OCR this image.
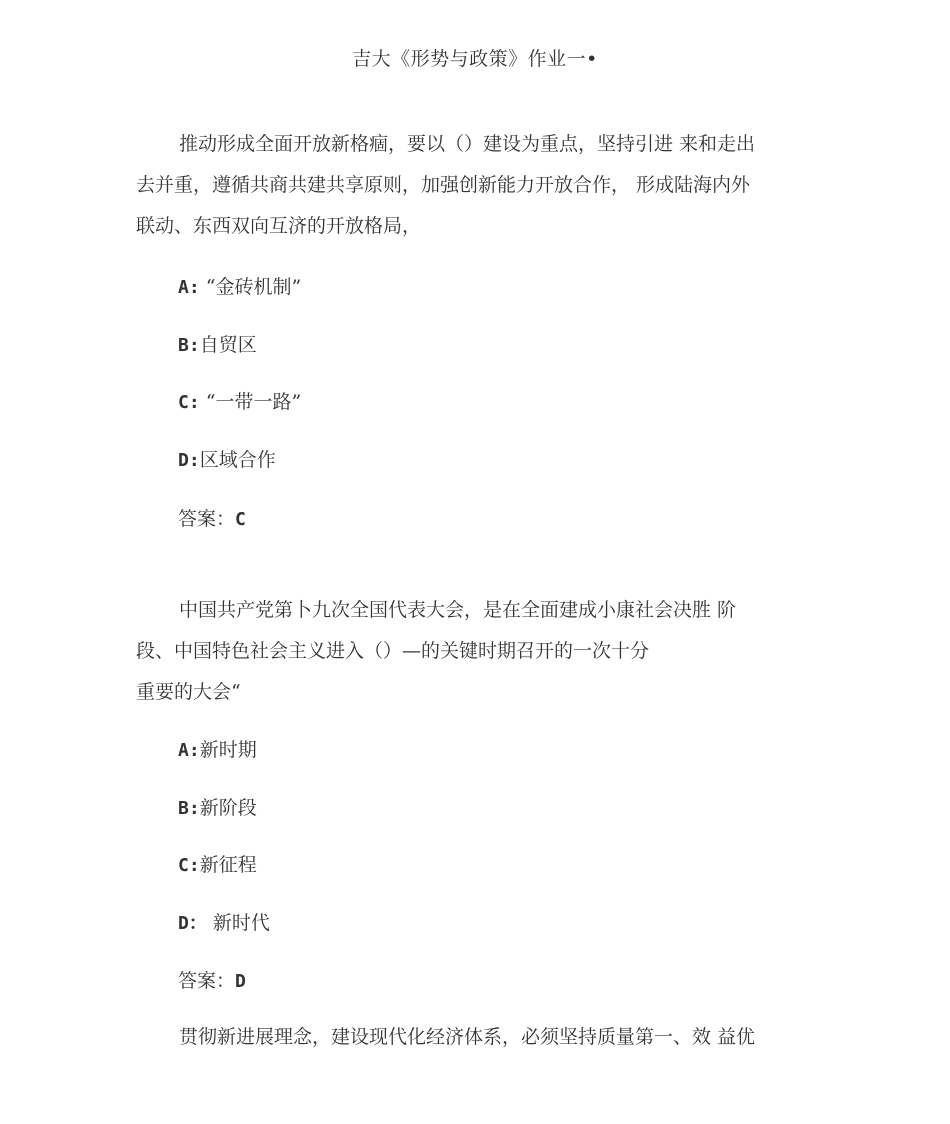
吉大《形势与政策》作业一•
推动形成全面开放新格痼，要以（）建设为重点，坚持引进 来和走出
去并重，遵循共商共建共享原则，加强创新能力开放合作， 形成陆海内外
联动、东西双向互济的开放格局，
A: “金砖机制”
B:自贸区
C: “一带一路”
D:区域合作
答案：C
中国共产党第卜九次全国代表大会，是在全面建成小康社会决胜 阶
段、中国特色社会主义进入（）—的关键时期召开的一次十分
重要的大会“
A:新时期
B:新阶段
C:新征程
D： 新时代
答案：D
贯彻新进展理念，建设现代化经济体系，必须坚持质量第一、效 益优
